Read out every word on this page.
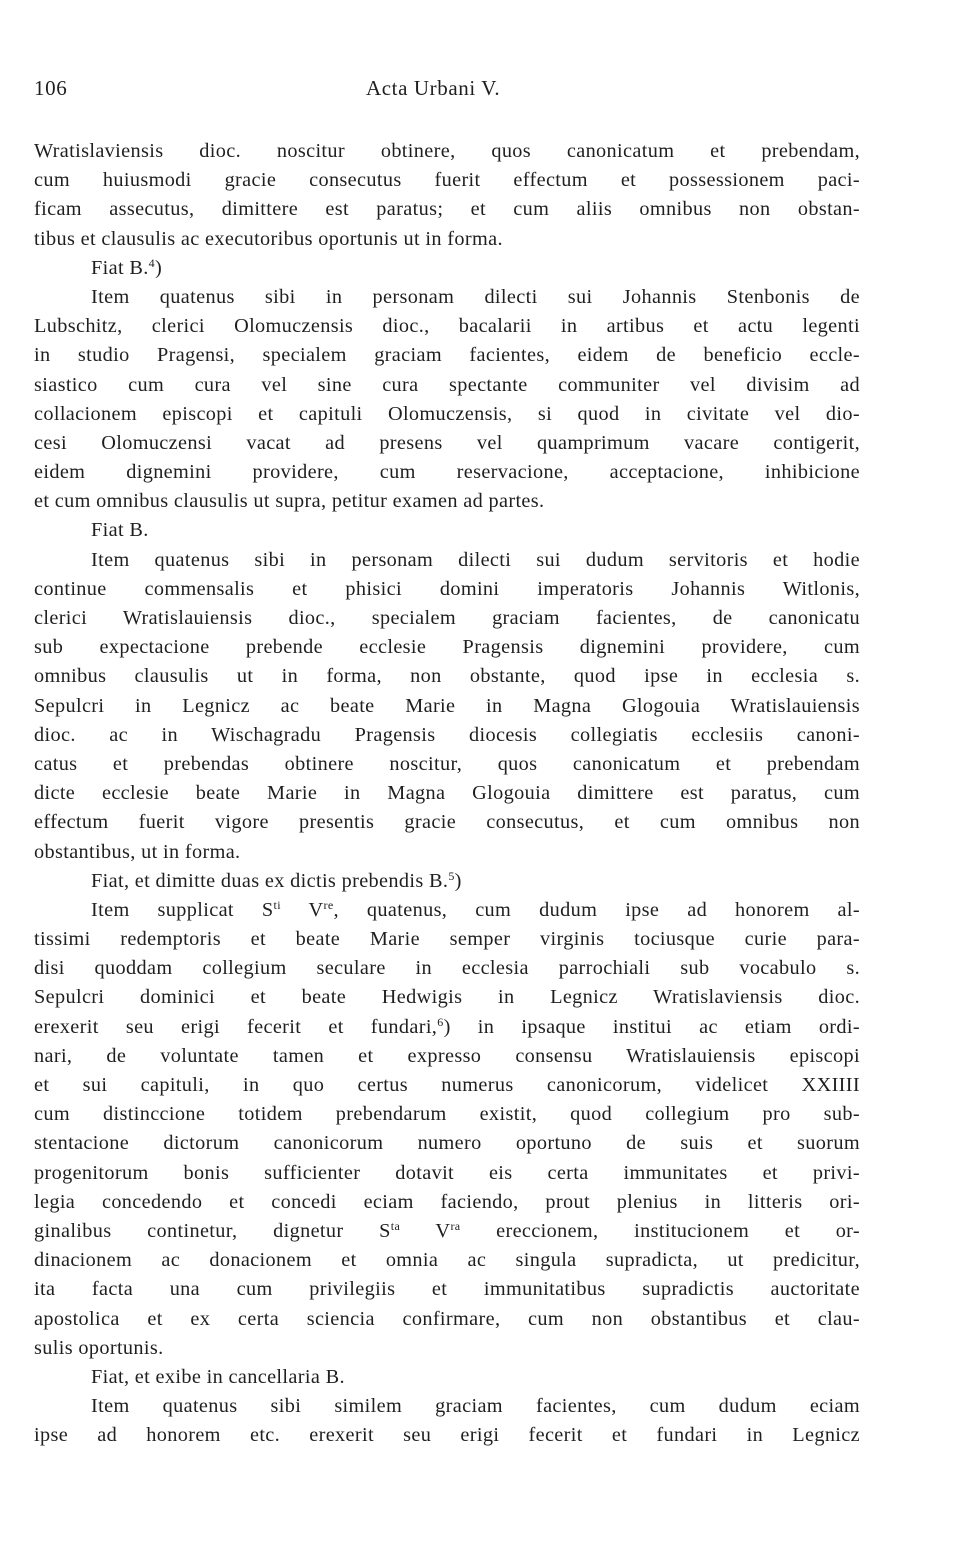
106	Acta Urbani V.
Wratislaviensis dioc. noscitur obtinere, quos canonicatum et prebendam,
cum huiusmodi gracie consecutus fuerit effectum et possessionem paci-
ficam assecutus, dimittere est paratus; et cum aliis omnibus non obstan-
tibus et clausulis ac executoribus oportunis ut in forma.
Fiat B.$^4$)
Item quatenus sibi in personam dilecti sui Johannis Stenbonis de
Lubschitz, clerici Olomuczensis dioc., bacalarii in artibus et actu legenti
in studio Pragensi, specialem graciam facientes, eidem de beneficio eccle-
siastico cum cura vel sine cura spectante communiter vel divisim ad
collacionem episcopi et capituli Olomuczensis, si quod in civitate vel dio-
cesi Olomuczensi vacat ad presens vel quamprimum vacare contigerit,
eidem dignemini providere, cum reservacione, acceptacione, inhibicione
et cum omnibus clausulis ut supra, petitur examen ad partes.
Fiat B.
Item quatenus sibi in personam dilecti sui dudum servitoris et hodie
continue commensalis et phisici domini imperatoris Johannis Witlonis,
clerici Wratislauiensis dioc., specialem graciam facientes, de canonicatu
sub expectacione prebende ecclesie Pragensis dignemini providere, cum
omnibus clausulis ut in forma, non obstante, quod ipse in ecclesia s.
Sepulcri in Legnicz ac beate Marie in Magna Glogouia Wratislauiensis
dioc. ac in Wischagradu Pragensis diocesis collegiatis ecclesiis canoni-
catus et prebendas obtinere noscitur, quos canonicatum et prebendam
dicte ecclesie beate Marie in Magna Glogouia dimittere est paratus, cum
effectum fuerit vigore presentis gracie consecutus, et cum omnibus non
obstantibus, ut in forma.
Fiat, et dimitte duas ex dictis prebendis B.$^5$)
Item supplicat $S^{ti}$ Vre, quatenus, cum dudum ipse ad honorem al-
tissimi redemptoris et beate Marie semper virginis tociusque curie para-
disi quoddam collegium seculare in ecclesia parrochiali sub vocabulo s.
Sepulcri dominici et beate Hedwigis in Legnicz Wratislaviensis dioc.
erexerit seu erigi fecerit et fundari,$^6$) in ipsaque institui ac etiam ordi-
nari, de voluntate tamen et expresso consensu Wratislauiensis episcopi
et sui capituli, in quo certus numerus canonicorum, videlicet XXIIII
cum distinccione totidem prebendarum existit, quod collegium pro sub-
stentacione dictorum canonicorum numero oportuno de suis et suorum
progenitorum bonis sufficienter dotavit eis certa immunitates et privi-
legia concedendo et concedi eciam faciendo, prout plenius in litteris ori-
ginalibus continetur, dignetur $S^{ta}$ $V^{ra}$ ereccionem, institucionem et or-
dinacionem ac donacionem et omnia ac singula supradicta, ut predicitur,
ita facta una cum privilegiis et immunitatibus supradictis auctoritate
apostolica et ex certa sciencia confirmare, cum non obstantibus et clau-
sulis oportunis.
Fiat, et exibe in cancellaria B.
Item quatenus sibi similem graciam facientes, cum dudum eciam
ipse ad honorem etc. erexerit seu erigi fecerit et fundari in Legnicz
